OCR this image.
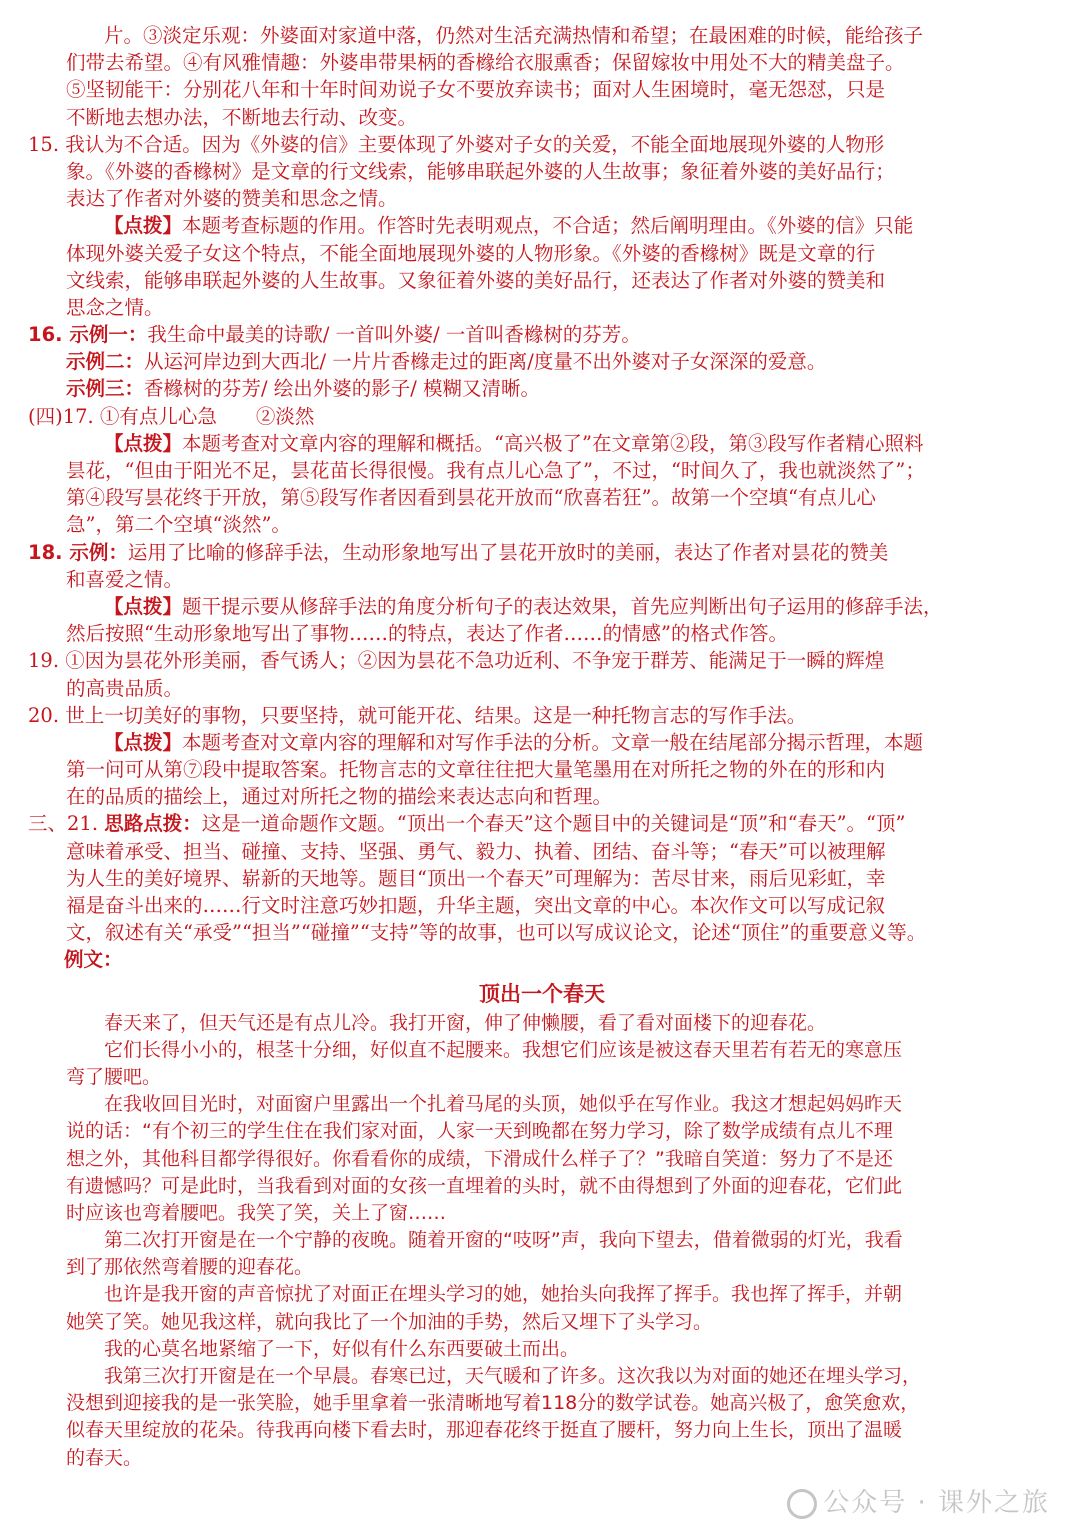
片。③淡定乐观：外婆面对家道中落，仍然对生活充满热情和希望；在最困难的时候，能给孩子
们带去希望。④有风雅情趣：外婆串带果柄的香橼给衣服熏香；保留嫁妆中用处不大的精美盘子。
⑤坚韧能干：分别花八年和十年时间劝说子女不要放弃读书；面对人生困境时，毫无怨怼，只是
不断地去想办法，不断地去行动、改变。
15. 我认为不合适。因为《外婆的信》主要体现了外婆对子女的关爱，不能全面地展现外婆的人物形
象。《外婆的香橼树》是文章的行文线索，能够串联起外婆的人生故事；象征着外婆的美好品行；
表达了作者对外婆的赞美和思念之情。
【点拨】本题考查标题的作用。作答时先表明观点，不合适；然后阐明理由。《外婆的信》只能
体现外婆关爱子女这个特点，不能全面地展现外婆的人物形象。《外婆的香橼树》既是文章的行
文线索，能够串联起外婆的人生故事。又象征着外婆的美好品行，还表达了作者对外婆的赞美和
思念之情。
16. 示例一：我生命中最美的诗歌/ 一首叫外婆/ 一首叫香橼树的芬芳。
示例二：从运河岸边到大西北/ 一片片香橼走过的距离/度量不出外婆对子女深深的爱意。
示例三：香橼树的芬芳/ 绘出外婆的影子/ 模糊又清晰。
(四)17. ①有点儿心急　　②淡然
【点拨】本题考查对文章内容的理解和概括。“高兴极了”在文章第②段，第③段写作者精心照料
昙花，“但由于阳光不足，昙花苗长得很慢。我有点儿心急了”，不过，“时间久了，我也就淡然了”；
第④段写昙花终于开放，第⑤段写作者因看到昙花开放而“欣喜若狂”。故第一个空填“有点儿心
急”，第二个空填“淡然”。
18. 示例：运用了比喻的修辞手法，生动形象地写出了昙花开放时的美丽，表达了作者对昙花的赞美
和喜爱之情。
【点拨】题干提示要从修辞手法的角度分析句子的表达效果，首先应判断出句子运用的修辞手法，
然后按照“生动形象地写出了事物……的特点，表达了作者……的情感”的格式作答。
19. ①因为昙花外形美丽，香气诱人；②因为昙花不急功近利、不争宠于群芳、能满足于一瞬的辉煌
的高贵品质。
20. 世上一切美好的事物，只要坚持，就可能开花、结果。这是一种托物言志的写作手法。
【点拨】本题考查对文章内容的理解和对写作手法的分析。文章一般在结尾部分揭示哲理，本题
第一问可从第⑦段中提取答案。托物言志的文章往往把大量笔墨用在对所托之物的外在的形和内
在的品质的描绘上，通过对所托之物的描绘来表达志向和哲理。
三、21. 思路点拨：这是一道命题作文题。“顶出一个春天”这个题目中的关键词是“顶”和“春天”。“顶”
意味着承受、担当、碰撞、支持、坚强、勇气、毅力、执着、团结、奋斗等；“春天”可以被理解
为人生的美好境界、崭新的天地等。题目“顶出一个春天”可理解为：苦尽甘来，雨后见彩虹，幸
福是奋斗出来的……行文时注意巧妙扣题，升华主题，突出文章的中心。本次作文可以写成记叙
文，叙述有关“承受”“担当”“碰撞”“支持”等的故事，也可以写成议论文，论述“顶住”的重要意义等。
例文：
顶出一个春天
春天来了，但天气还是有点儿冷。我打开窗，伸了伸懒腰，看了看对面楼下的迎春花。
它们长得小小的，根茎十分细，好似直不起腰来。我想它们应该是被这春天里若有若无的寒意压
弯了腰吧。
在我收回目光时，对面窗户里露出一个扎着马尾的头顶，她似乎在写作业。我这才想起妈妈昨天
说的话：“有个初三的学生住在我们家对面，人家一天到晚都在努力学习，除了数学成绩有点儿不理
想之外，其他科目都学得很好。你看看你的成绩，下滑成什么样子了？”我暗自笑道：努力了不是还
有遗憾吗？可是此时，当我看到对面的女孩一直埋着的头时，就不由得想到了外面的迎春花，它们此
时应该也弯着腰吧。我笑了笑，关上了窗……
第二次打开窗是在一个宁静的夜晚。随着开窗的“吱呀”声，我向下望去，借着微弱的灯光，我看
到了那依然弯着腰的迎春花。
也许是我开窗的声音惊扰了对面正在埋头学习的她，她抬头向我挥了挥手。我也挥了挥手，并朝
她笑了笑。她见我这样，就向我比了一个加油的手势，然后又埋下了头学习。
我的心莫名地紧缩了一下，好似有什么东西要破土而出。
我第三次打开窗是在一个早晨。春寒已过，天气暖和了许多。这次我以为对面的她还在埋头学习，
没想到迎接我的是一张笑脸，她手里拿着一张清晰地写着118分的数学试卷。她高兴极了，愈笑愈欢，
似春天里绽放的花朵。待我再向楼下看去时，那迎春花终于挺直了腰杆，努力向上生长，顶出了温暖
的春天。
公众号 · 课外之旅
